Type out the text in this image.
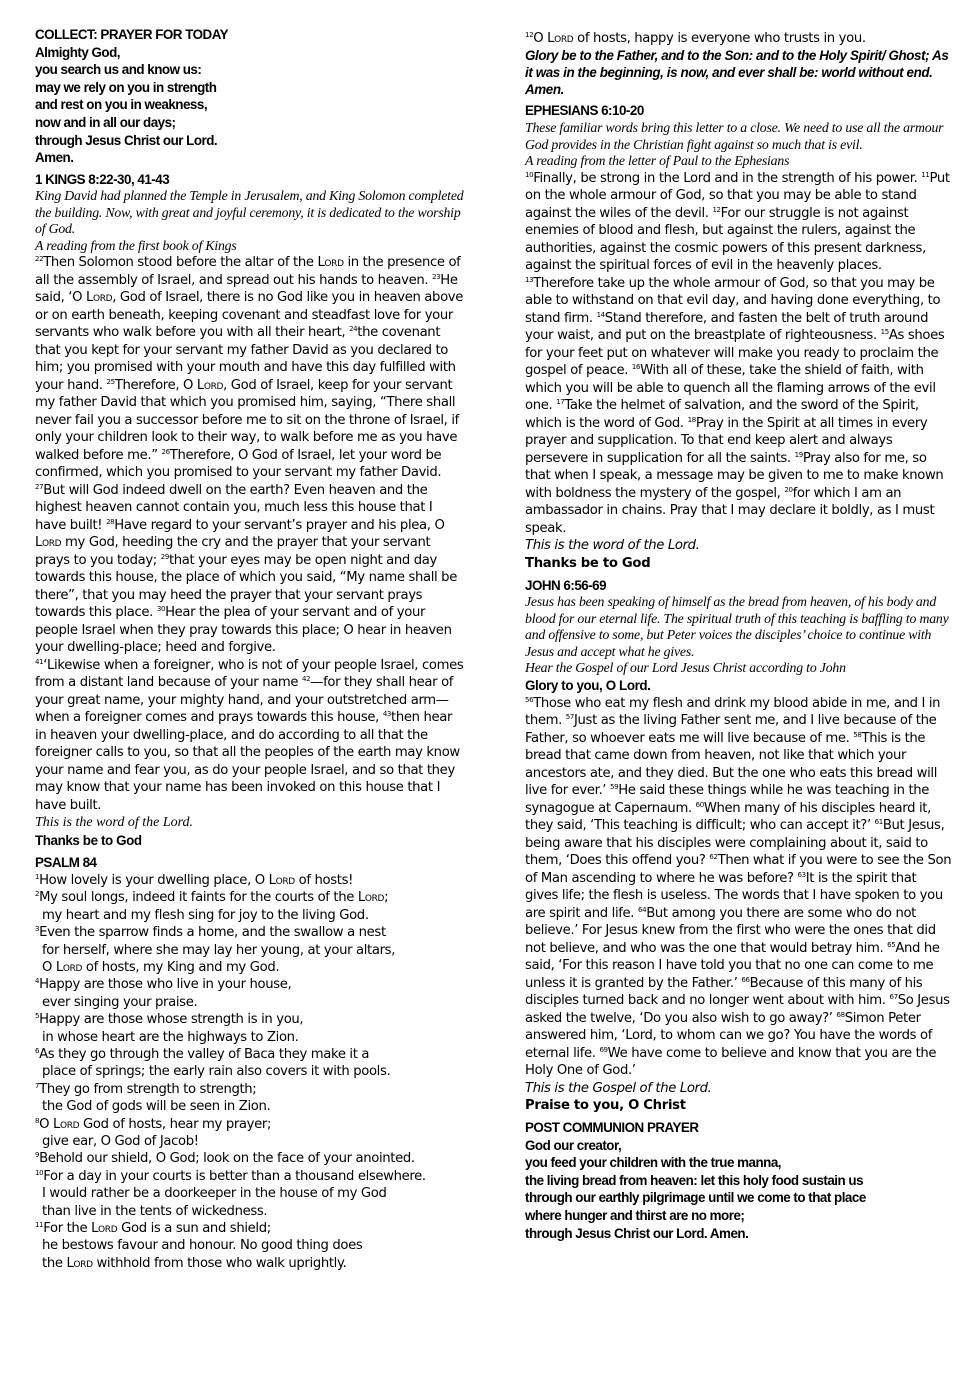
COLLECT: PRAYER FOR TODAY

Almighty God,

you search us and know us:

may we rely on you in strength

and rest on you in weakness,

now and in all our days;

through Jesus Christ our Lord.

Amen.

1 KINGS 8:22-30, 41-43

King David had planned the Temple in Jerusalem, and King Solomon completed the building. Now, with great and joyful ceremony, it is dedicated to the worship of God.

A reading from the first book of Kings

$^{22}$Then Solomon stood before the altar of the Lord in the presence of all the assembly of Israel, and spread out his hands to heaven. $^{23}$He said, ‘O Lord, God of Israel, there is no God like you in heaven above or on earth beneath, keeping covenant and steadfast love for your servants who walk before you with all their heart, $^{24}$the covenant that you kept for your servant my father David as you declared to him; you promised with your mouth and have this day fulfilled with your hand. $^{25}$Therefore, O Lord, God of Israel, keep for your servant my father David that which you promised him, saying, “There shall never fail you a successor before me to sit on the throne of Israel, if only your children look to their way, to walk before me as you have walked before me.” $^{26}$Therefore, O God of Israel, let your word be confirmed, which you promised to your servant my father David. $^{27}$But will God indeed dwell on the earth? Even heaven and the highest heaven cannot contain you, much less this house that I have built! $^{28}$Have regard to your servant’s prayer and his plea, O Lord my God, heeding the cry and the prayer that your servant prays to you today; $^{29}$that your eyes may be open night and day towards this house, the place of which you said, “My name shall be there”, that you may heed the prayer that your servant prays towards this place. $^{30}$Hear the plea of your servant and of your people Israel when they pray towards this place; O hear in heaven your dwelling-place; heed and forgive.

$^{41}$‘Likewise when a foreigner, who is not of your people Israel, comes from a distant land because of your name $^{42}$—for they shall hear of your great name, your mighty hand, and your outstretched arm—when a foreigner comes and prays towards this house, $^{43}$then hear in heaven your dwelling-place, and do according to all that the foreigner calls to you, so that all the peoples of the earth may know your name and fear you, as do your people Israel, and so that they may know that your name has been invoked on this house that I have built.

This is the word of the Lord.

Thanks be to God

PSALM 84

$^1$How lovely is your dwelling place, O Lord of hosts!

$^2$My soul longs, indeed it faints for the courts of the Lord;
my heart and my flesh sing for joy to the living God.

$^3$Even the sparrow finds a home, and the swallow a nest
for herself, where she may lay her young, at your altars,
O Lord of hosts, my King and my God.

$^4$Happy are those who live in your house,
ever singing your praise.

$^5$Happy are those whose strength is in you,
in whose heart are the highways to Zion.

$^6$As they go through the valley of Baca they make it a
place of springs; the early rain also covers it with pools.

$^7$They go from strength to strength;
the God of gods will be seen in Zion.

$^8$O Lord God of hosts, hear my prayer;
give ear, O God of Jacob!

$^9$Behold our shield, O God; look on the face of your anointed.

$^{10}$For a day in your courts is better than a thousand elsewhere.
I would rather be a doorkeeper in the house of my God
than live in the tents of wickedness.

$^{11}$For the Lord God is a sun and shield;
he bestows favour and honour. No good thing does
the Lord withhold from those who walk uprightly.

$^{12}$O Lord of hosts, happy is everyone who trusts in you.

Glory be to the Father, and to the Son: and to the Holy Spirit/ Ghost; As it was in the beginning, is now, and ever shall be: world without end. Amen.

EPHESIANS 6:10-20

These familiar words bring this letter to a close. We need to use all the armour God provides in the Christian fight against so much that is evil.

A reading from the letter of Paul to the Ephesians

$^{10}$Finally, be strong in the Lord and in the strength of his power. $^{11}$Put on the whole armour of God, so that you may be able to stand against the wiles of the devil. $^{12}$For our struggle is not against enemies of blood and flesh, but against the rulers, against the authorities, against the cosmic powers of this present darkness, against the spiritual forces of evil in the heavenly places. $^{13}$Therefore take up the whole armour of God, so that you may be able to withstand on that evil day, and having done everything, to stand firm. $^{14}$Stand therefore, and fasten the belt of truth around your waist, and put on the breastplate of righteousness. $^{15}$As shoes for your feet put on whatever will make you ready to proclaim the gospel of peace. $^{16}$With all of these, take the shield of faith, with which you will be able to quench all the flaming arrows of the evil one. $^{17}$Take the helmet of salvation, and the sword of the Spirit, which is the word of God. $^{18}$Pray in the Spirit at all times in every prayer and supplication. To that end keep alert and always persevere in supplication for all the saints. $^{19}$Pray also for me, so that when I speak, a message may be given to me to make known with boldness the mystery of the gospel, $^{20}$for which I am an ambassador in chains. Pray that I may declare it boldly, as I must speak.

This is the word of the Lord.

Thanks be to God

JOHN 6:56-69

Jesus has been speaking of himself as the bread from heaven, of his body and blood for our eternal life. The spiritual truth of this teaching is baffling to many and offensive to some, but Peter voices the disciples’ choice to continue with Jesus and accept what he gives.

Hear the Gospel of our Lord Jesus Christ according to John

Glory to you, O Lord.

$^{56}$Those who eat my flesh and drink my blood abide in me, and I in them. $^{57}$Just as the living Father sent me, and I live because of the Father, so whoever eats me will live because of me. $^{58}$This is the bread that came down from heaven, not like that which your ancestors ate, and they died. But the one who eats this bread will live for ever.’ $^{59}$He said these things while he was teaching in the synagogue at Capernaum. $^{60}$When many of his disciples heard it, they said, ‘This teaching is difficult; who can accept it?’ $^{61}$But Jesus, being aware that his disciples were complaining about it, said to them, ‘Does this offend you? $^{62}$Then what if you were to see the Son of Man ascending to where he was before? $^{63}$It is the spirit that gives life; the flesh is useless. The words that I have spoken to you are spirit and life. $^{64}$But among you there are some who do not believe.’ For Jesus knew from the first who were the ones that did not believe, and who was the one that would betray him. $^{65}$And he said, ‘For this reason I have told you that no one can come to me unless it is granted by the Father.’ $^{66}$Because of this many of his disciples turned back and no longer went about with him. $^{67}$So Jesus asked the twelve, ‘Do you also wish to go away?’ $^{68}$Simon Peter answered him, ‘Lord, to whom can we go? You have the words of eternal life. $^{69}$We have come to believe and know that you are the Holy One of God.’

This is the Gospel of the Lord.

Praise to you, O Christ

POST COMMUNION PRAYER

God our creator,

you feed your children with the true manna,

the living bread from heaven: let this holy food sustain us

through our earthly pilgrimage until we come to that place

where hunger and thirst are no more;

through Jesus Christ our Lord. Amen.
